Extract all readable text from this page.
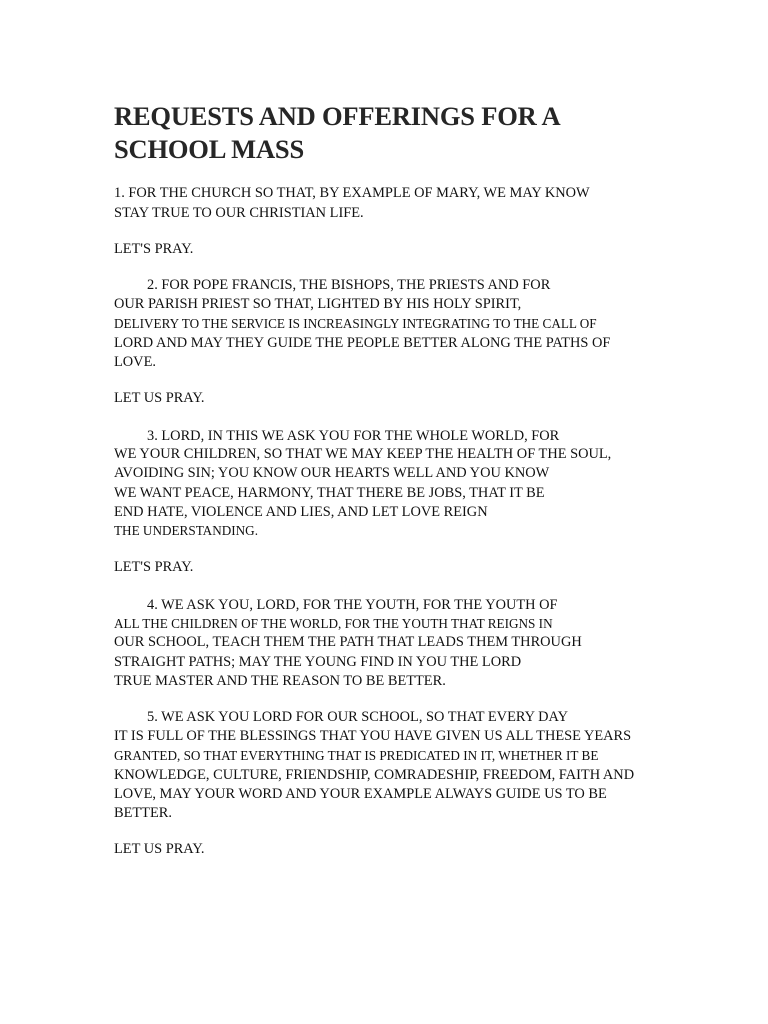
REQUESTS AND OFFERINGS FOR A SCHOOL MASS
1. FOR THE CHURCH SO THAT, BY EXAMPLE OF MARY, WE MAY KNOW
STAY TRUE TO OUR CHRISTIAN LIFE.
LET'S PRAY.
2. FOR POPE FRANCIS, THE BISHOPS, THE PRIESTS AND FOR
OUR PARISH PRIEST SO THAT, LIGHTED BY HIS HOLY SPIRIT,
DELIVERY TO THE SERVICE IS INCREASINGLY INTEGRATING TO THE CALL OF
LORD AND MAY THEY GUIDE THE PEOPLE BETTER ALONG THE PATHS OF
LOVE.
LET US PRAY.
3. LORD, IN THIS WE ASK YOU FOR THE WHOLE WORLD, FOR
WE YOUR CHILDREN, SO THAT WE MAY KEEP THE HEALTH OF THE SOUL,
AVOIDING SIN; YOU KNOW OUR HEARTS WELL AND YOU KNOW
WE WANT PEACE, HARMONY, THAT THERE BE JOBS, THAT IT BE
END HATE, VIOLENCE AND LIES, AND LET LOVE REIGN
THE UNDERSTANDING.
LET'S PRAY.
4. WE ASK YOU, LORD, FOR THE YOUTH, FOR THE YOUTH OF
ALL THE CHILDREN OF THE WORLD, FOR THE YOUTH THAT REIGNS IN
OUR SCHOOL, TEACH THEM THE PATH THAT LEADS THEM THROUGH
STRAIGHT PATHS; MAY THE YOUNG FIND IN YOU THE LORD
TRUE MASTER AND THE REASON TO BE BETTER.
5. WE ASK YOU LORD FOR OUR SCHOOL, SO THAT EVERY DAY
IT IS FULL OF THE BLESSINGS THAT YOU HAVE GIVEN US ALL THESE YEARS
GRANTED, SO THAT EVERYTHING THAT IS PREDICATED IN IT, WHETHER IT BE
KNOWLEDGE, CULTURE, FRIENDSHIP, COMRADESHIP, FREEDOM, FAITH AND
LOVE, MAY YOUR WORD AND YOUR EXAMPLE ALWAYS GUIDE US TO BE
BETTER.
LET US PRAY.
